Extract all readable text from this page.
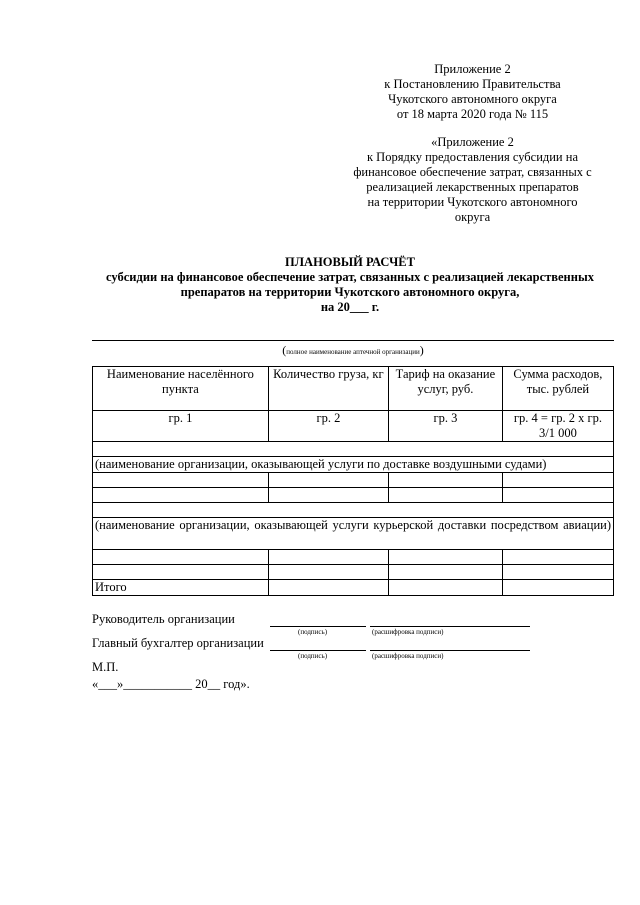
Приложение 2
к Постановлению Правительства
Чукотского автономного округа
от 18 марта 2020 года № 115
«Приложение 2
к Порядку предоставления субсидии на
финансовое обеспечение затрат, связанных с
реализацией лекарственных препаратов
на территории Чукотского автономного
округа
ПЛАНОВЫЙ РАСЧЁТ
субсидии на финансовое обеспечение затрат, связанных с реализацией лекарственных
препаратов на территории Чукотского автономного округа,
на 20___ г.
(полное наименование аптечной организации)
Наименование населённого пункта	Количество груза, кг	Тариф на оказание услуг, руб.	Сумма расходов, тыс. рублей
гр. 1	гр. 2	гр. 3	гр. 4 = гр. 2 х гр. 3/1 000

(наименование организации, оказывающей услуги по доставке воздушными судами)			

(наименование организации, оказывающей услуги курьерской доставки посредством авиации)			

Итого			
Руководитель организации
(подпись)	(расшифровка подписи)
Главный бухгалтер организации
(подпись)	(расшифровка подписи)
М.П.
«___»___________ 20__ год».
